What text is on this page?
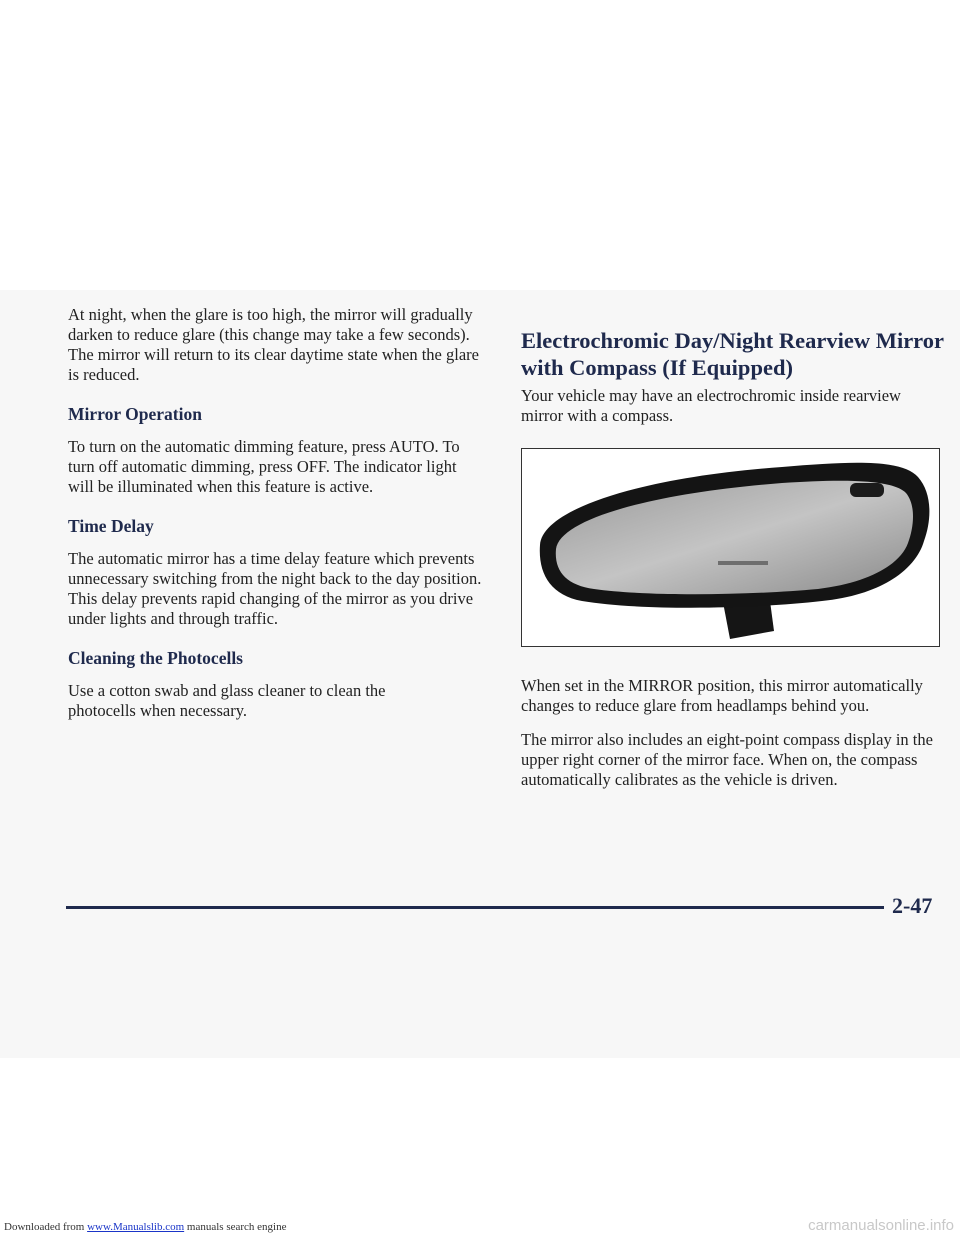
At night, when the glare is too high, the mirror will gradually darken to reduce glare (this change may take a few seconds). The mirror will return to its clear daytime state when the glare is reduced.

Mirror Operation

To turn on the automatic dimming feature, press AUTO. To turn off automatic dimming, press OFF. The indicator light will be illuminated when this feature is active.

Time Delay

The automatic mirror has a time delay feature which prevents unnecessary switching from the night back to the day position. This delay prevents rapid changing of the mirror as you drive under lights and through traffic.

Cleaning the Photocells

Use a cotton swab and glass cleaner to clean the photocells when necessary.

Electrochromic Day/Night Rearview Mirror with Compass (If Equipped)

Your vehicle may have an electrochromic inside rearview mirror with a compass.

When set in the MIRROR position, this mirror automatically changes to reduce glare from headlamps behind you.

The mirror also includes an eight-point compass display in the upper right corner of the mirror face. When on, the compass automatically calibrates as the vehicle is driven.

2-47
Downloaded from www.Manualslib.com manuals search engine	carmanualsonline.info
